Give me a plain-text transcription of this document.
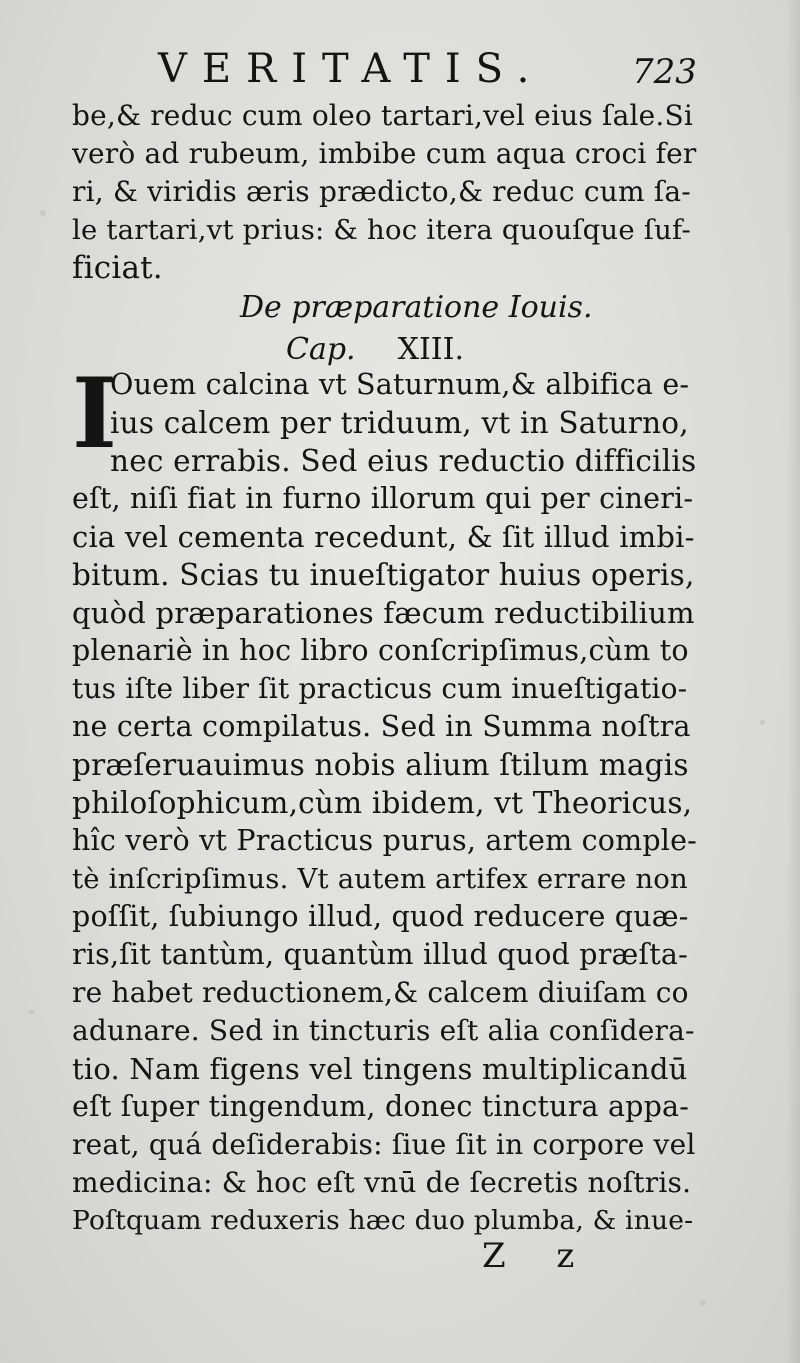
VERITATIS.	723
be,& reduc cum oleo tartari,vel eius ſale.Si
verò ad rubeum, imbibe cum aqua croci fer
ri, & viridis æris prædicto,& reduc cum ſa-
le tartari,vt prius: & hoc itera quouſque ſuf-
ficiat.
De præparatione Iouis.
Cap. XIII.
I
Ouem calcina vt Saturnum,& albifica e-
ius calcem per triduum, vt in Saturno,
nec errabis. Sed eius reductio difficilis
eſt, niſi fiat in furno illorum qui per cineri-
cia vel cementa recedunt, & ſit illud imbi-
bitum. Scias tu inueſtigator huius operis,
quòd præparationes fæcum reductibilium
plenariè in hoc libro conſcripſimus,cùm to
tus iſte liber ſit practicus cum inueſtigatio-
ne certa compilatus. Sed in Summa noſtra
præſeruauimus nobis alium ſtilum magis
philoſophicum,cùm ibidem, vt Theoricus,
hîc verò vt Practicus purus, artem comple-
tè inſcripſimus. Vt autem artifex errare non
poſſit, ſubiungo illud, quod reducere quæ-
ris,ſit tantùm, quantùm illud quod præſta-
re habet reductionem,& calcem diuiſam co
adunare. Sed in tincturis eſt alia conſidera-
tio. Nam figens vel tingens multiplicandū
eſt ſuper tingendum, donec tinctura appa-
reat, quá deſiderabis: ſiue ſit in corpore vel
medicina: & hoc eſt vnū de ſecretis noſtris.
Poſtquam reduxeris hæc duo plumba, & inue-
Z z
